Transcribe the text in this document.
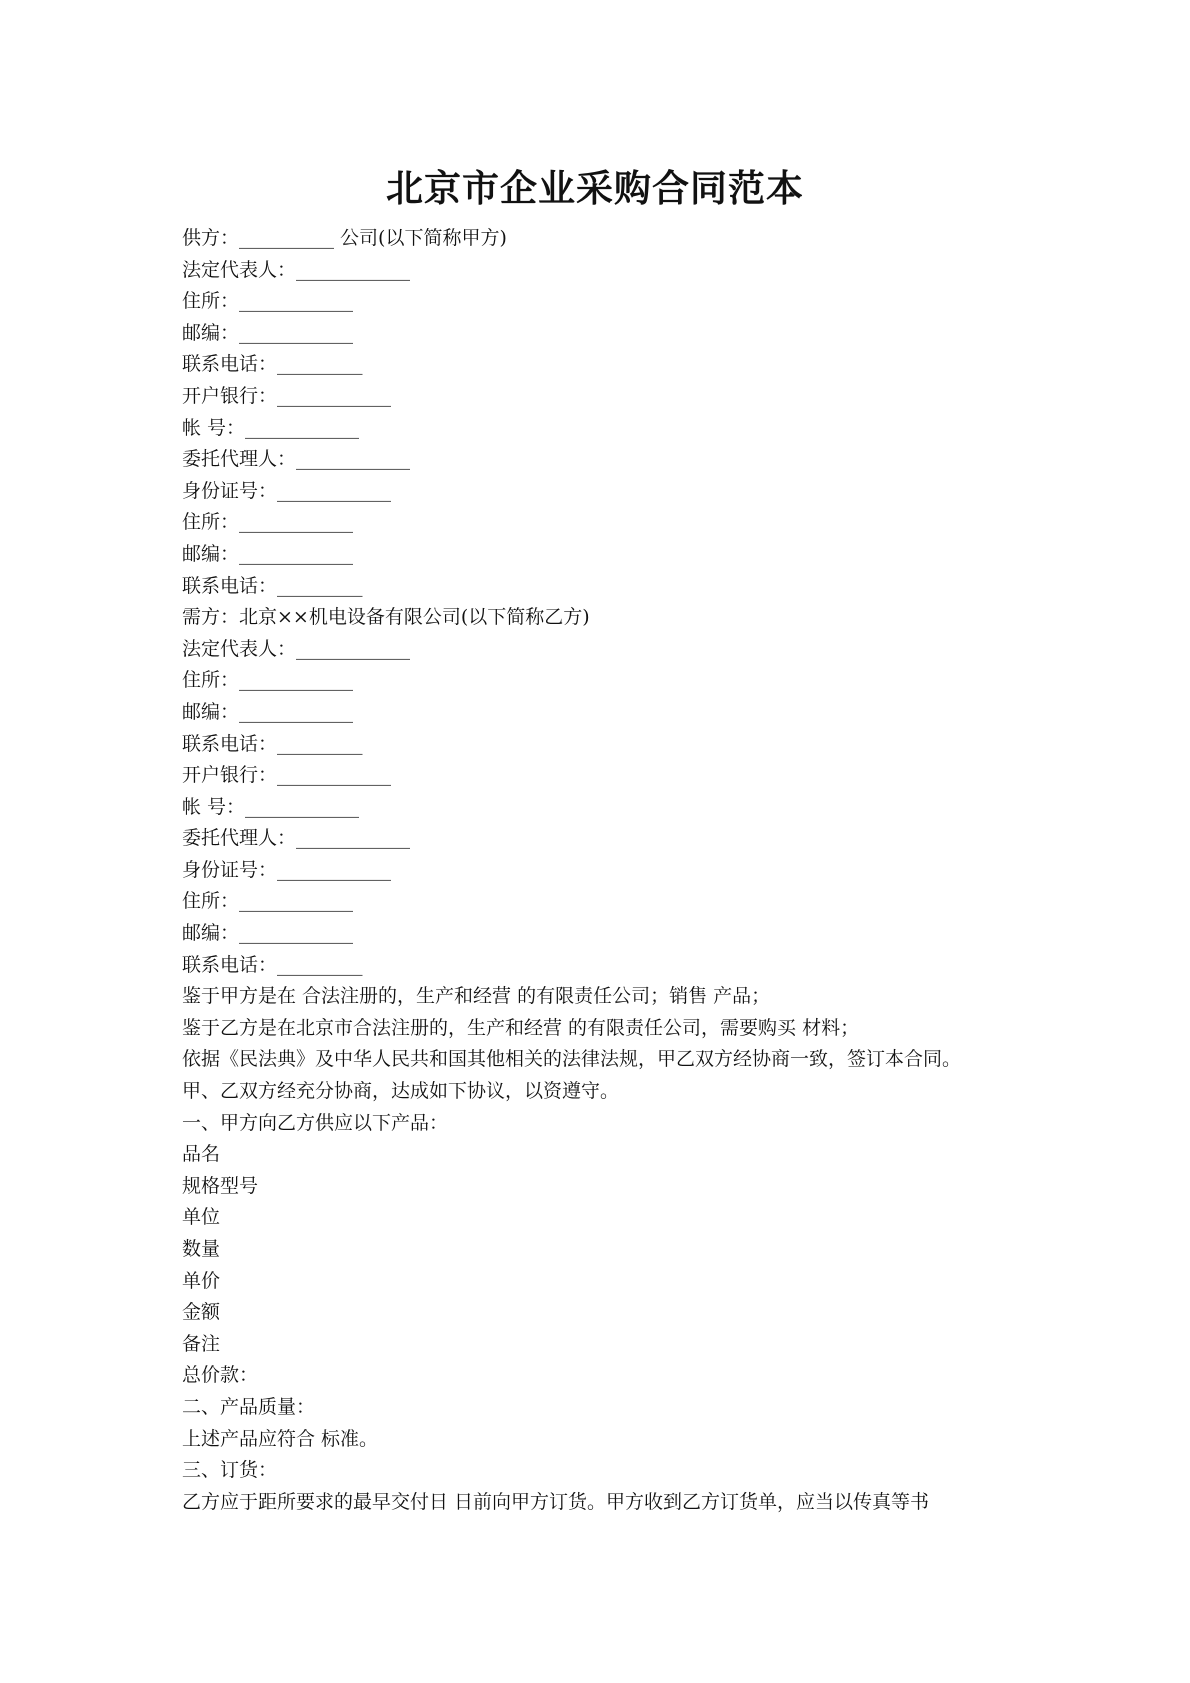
北京市企业采购合同范本

供方：__________ 公司(以下简称甲方)

法定代表人：____________

住所：____________

邮编：____________

联系电话：_________

开户银行：____________

帐 号：____________

委托代理人：____________

身份证号：____________

住所：____________

邮编：____________

联系电话：_________

需方：北京××机电设备有限公司(以下简称乙方)

法定代表人：____________

住所：____________

邮编：____________

联系电话：_________

开户银行：____________

帐 号：____________

委托代理人：____________

身份证号：____________

住所：____________

邮编：____________

联系电话：_________

鉴于甲方是在 合法注册的，生产和经营 的有限责任公司；销售 产品；

鉴于乙方是在北京市合法注册的，生产和经营 的有限责任公司，需要购买 材料；

依据《民法典》及中华人民共和国其他相关的法律法规，甲乙双方经协商一致，签订本合同。

甲、乙双方经充分协商，达成如下协议，以资遵守。

一、甲方向乙方供应以下产品：

品名

规格型号

单位

数量

单价

金额

备注

总价款：

二、产品质量：

上述产品应符合 标准。

三、订货：

乙方应于距所要求的最早交付日 日前向甲方订货。甲方收到乙方订货单，应当以传真等书
